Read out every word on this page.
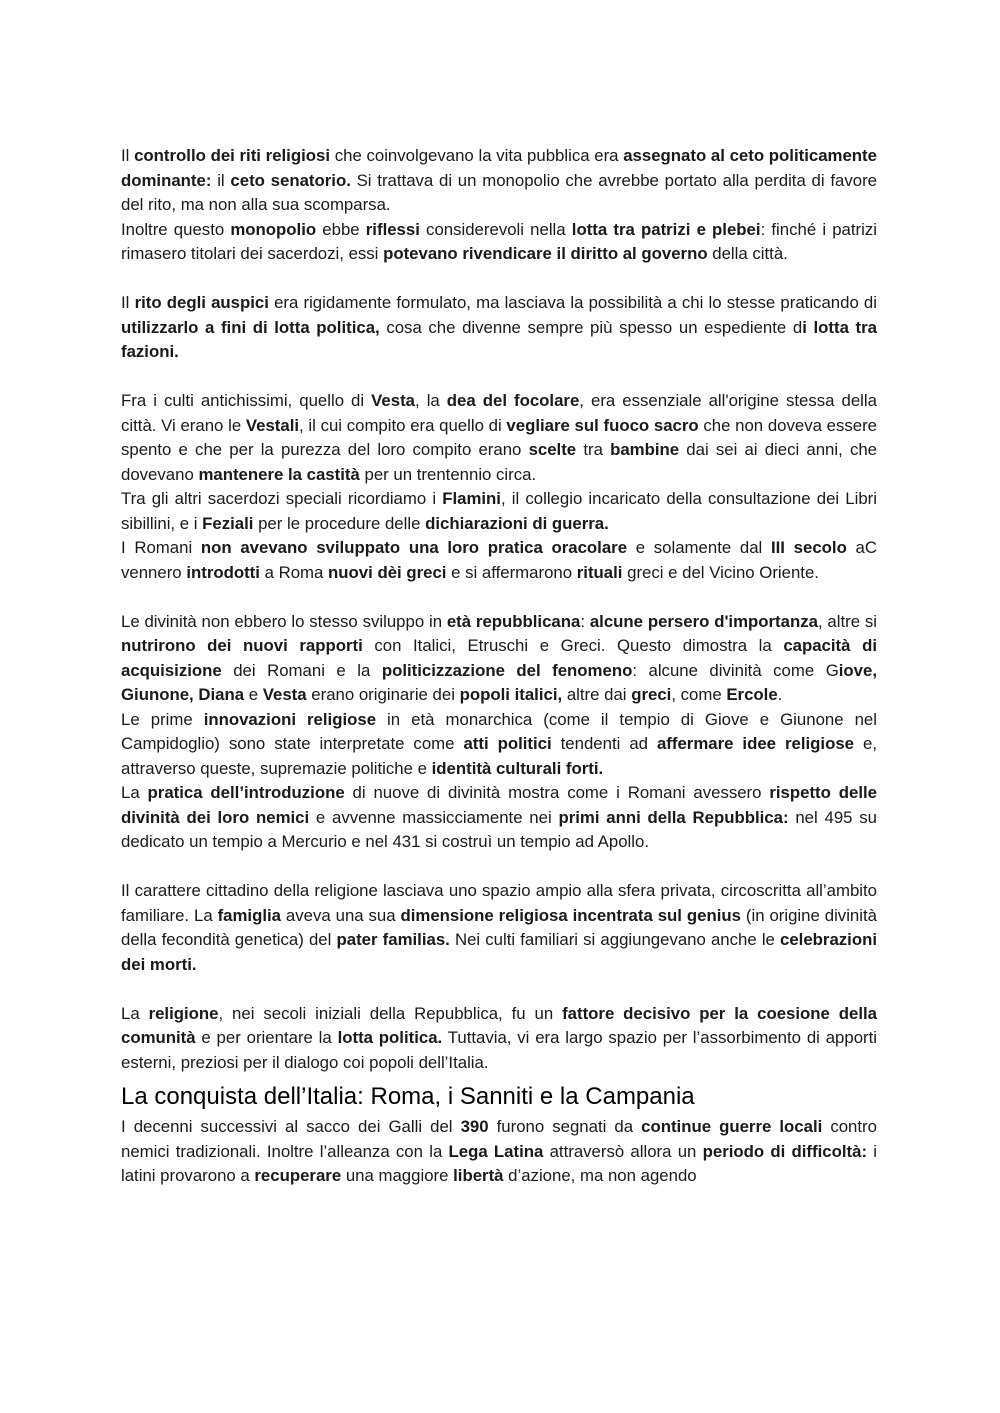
Il controllo dei riti religiosi che coinvolgevano la vita pubblica era assegnato al ceto politicamente dominante: il ceto senatorio. Si trattava di un monopolio che avrebbe portato alla perdita di favore del rito, ma non alla sua scomparsa.

Inoltre questo monopolio ebbe riflessi considerevoli nella lotta tra patrizi e plebei: finché i patrizi rimasero titolari dei sacerdozi, essi potevano rivendicare il diritto al governo della città.

Il rito degli auspici era rigidamente formulato, ma lasciava la possibilità a chi lo stesse praticando di utilizzarlo a fini di lotta politica, cosa che divenne sempre più spesso un espediente di lotta tra fazioni.

Fra i culti antichissimi, quello di Vesta, la dea del focolare, era essenziale all'origine stessa della città. Vi erano le Vestali, il cui compito era quello di vegliare sul fuoco sacro che non doveva essere spento e che per la purezza del loro compito erano scelte tra bambine dai sei ai dieci anni, che dovevano mantenere la castità per un trentennio circa.

Tra gli altri sacerdozi speciali ricordiamo i Flamini, il collegio incaricato della consultazione dei Libri sibillini, e i Feziali per le procedure delle dichiarazioni di guerra.

I Romani non avevano sviluppato una loro pratica oracolare e solamente dal III secolo aC vennero introdotti a Roma nuovi dèi greci e si affermarono rituali greci e del Vicino Oriente.

Le divinità non ebbero lo stesso sviluppo in età repubblicana: alcune persero d'importanza, altre si nutrirono dei nuovi rapporti con Italici, Etruschi e Greci. Questo dimostra la capacità di acquisizione dei Romani e la politicizzazione del fenomeno: alcune divinità come Giove, Giunone, Diana e Vesta erano originarie dei popoli italici, altre dai greci, come Ercole.

Le prime innovazioni religiose in età monarchica (come il tempio di Giove e Giunone nel Campidoglio) sono state interpretate come atti politici tendenti ad affermare idee religiose e, attraverso queste, supremazie politiche e identità culturali forti.

La pratica dell’introduzione di nuove di divinità mostra come i Romani avessero rispetto delle divinità dei loro nemici e avvenne massicciamente nei primi anni della Repubblica: nel 495 su dedicato un tempio a Mercurio e nel 431 si costruì un tempio ad Apollo.

Il carattere cittadino della religione lasciava uno spazio ampio alla sfera privata, circoscritta all’ambito familiare. La famiglia aveva una sua dimensione religiosa incentrata sul genius (in origine divinità della fecondità genetica) del pater familias. Nei culti familiari si aggiungevano anche le celebrazioni dei morti.

La religione, nei secoli iniziali della Repubblica, fu un fattore decisivo per la coesione della comunità e per orientare la lotta politica. Tuttavia, vi era largo spazio per l’assorbimento di apporti esterni, preziosi per il dialogo coi popoli dell’Italia.

La conquista dell’Italia: Roma, i Sanniti e la Campania

I decenni successivi al sacco dei Galli del 390 furono segnati da continue guerre locali contro nemici tradizionali. Inoltre l’alleanza con la Lega Latina attraversò allora un periodo di difficoltà: i latini provarono a recuperare una maggiore libertà d’azione, ma non agendo
